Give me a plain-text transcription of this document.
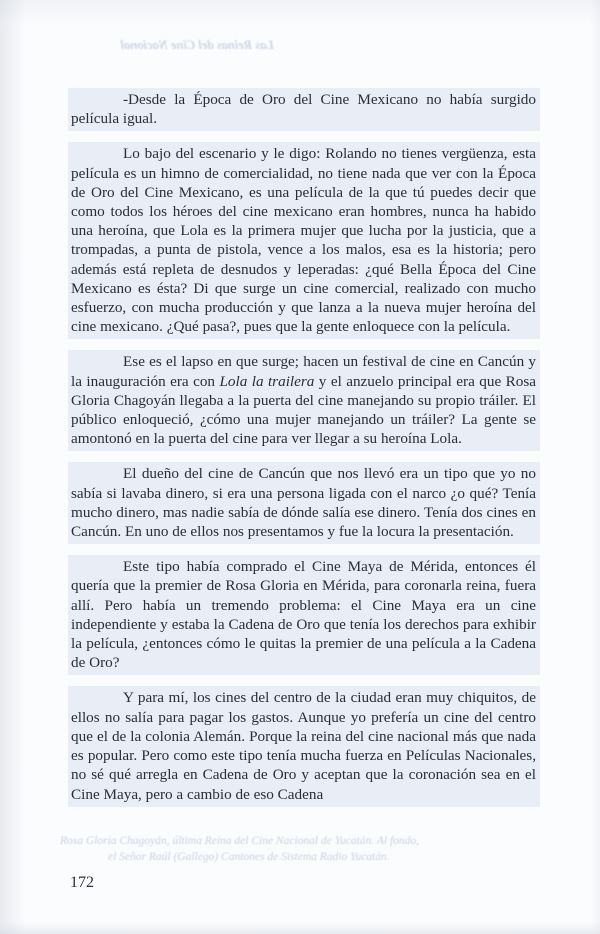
Las Reinas del Cine Nacional

-Desde la Época de Oro del Cine Mexicano no había surgido película igual.

Lo bajo del escenario y le digo: Rolando no tienes vergüenza, esta película es un himno de comercialidad, no tiene nada que ver con la Época de Oro del Cine Mexicano, es una película de la que tú puedes decir que como todos los héroes del cine mexicano eran hombres, nunca ha habido una heroína, que Lola es la primera mujer que lucha por la justicia, que a trompadas, a punta de pistola, vence a los malos, esa es la historia; pero además está repleta de desnudos y leperadas: ¿qué Bella Época del Cine Mexicano es ésta? Di que surge un cine comercial, realizado con mucho esfuerzo, con mucha producción y que lanza a la nueva mujer heroína del cine mexicano. ¿Qué pasa?, pues que la gente enloquece con la película.

Ese es el lapso en que surge; hacen un festival de cine en Cancún y la inauguración era con Lola la trailera y el anzuelo principal era que Rosa Gloria Chagoyán llegaba a la puerta del cine manejando su propio tráiler. El público enloqueció, ¿cómo una mujer manejando un tráiler? La gente se amontonó en la puerta del cine para ver llegar a su heroína Lola.

El dueño del cine de Cancún que nos llevó era un tipo que yo no sabía si lavaba dinero, si era una persona ligada con el narco ¿o qué? Tenía mucho dinero, mas nadie sabía de dónde salía ese dinero. Tenía dos cines en Cancún. En uno de ellos nos presentamos y fue la locura la presentación.

Este tipo había comprado el Cine Maya de Mérida, entonces él quería que la premier de Rosa Gloria en Mérida, para coronarla reina, fuera allí. Pero había un tremendo problema: el Cine Maya era un cine independiente y estaba la Cadena de Oro que tenía los derechos para exhibir la película, ¿entonces cómo le quitas la premier de una película a la Cadena de Oro?

Y para mí, los cines del centro de la ciudad eran muy chiquitos, de ellos no salía para pagar los gastos. Aunque yo prefería un cine del centro que el de la colonia Alemán. Porque la reina del cine nacional más que nada es popular. Pero como este tipo tenía mucha fuerza en Películas Nacionales, no sé qué arregla en Cadena de Oro y aceptan que la coronación sea en el Cine Maya, pero a cambio de eso Cadena

Rosa Gloria Chagoyán, última Reina del Cine Nacional de Yucatán. Al fondo,
el Señor Raúl (Gallego) Cantones de Sistema Radio Yucatán.
172
